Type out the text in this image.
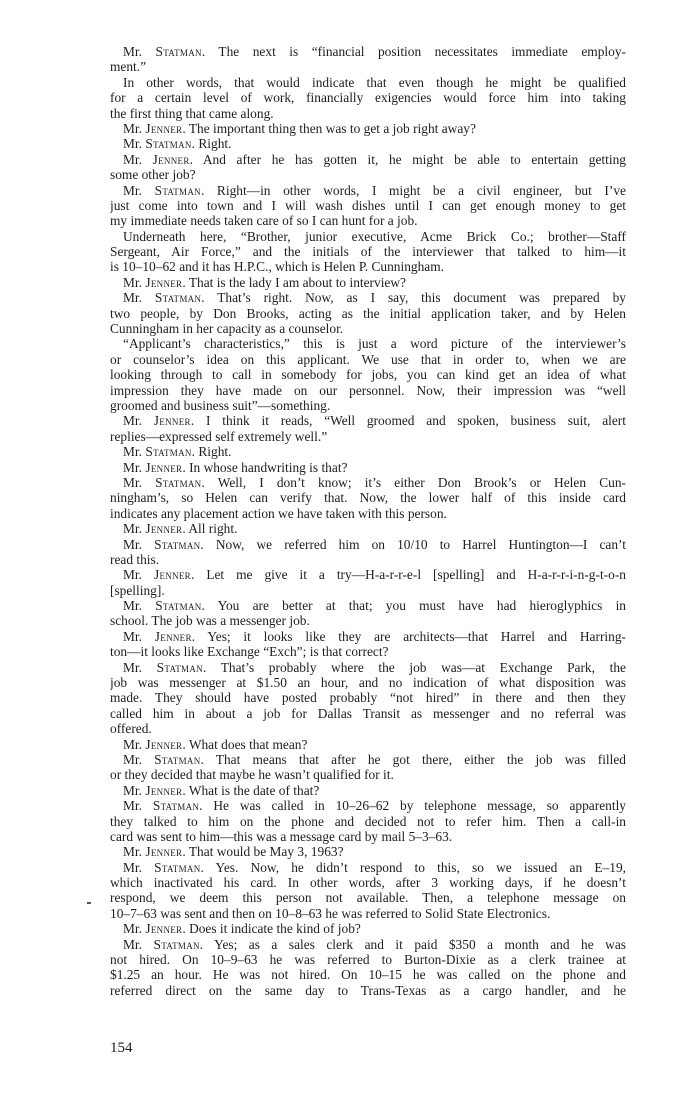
Mr. Statman. The next is “financial position necessitates immediate employ-
ment.”
In other words, that would indicate that even though he might be qualified
for a certain level of work, financially exigencies would force him into taking
the first thing that came along.
Mr. Jenner. The important thing then was to get a job right away?
Mr. Statman. Right.
Mr. Jenner. And after he has gotten it, he might be able to entertain getting
some other job?
Mr. Statman. Right—in other words, I might be a civil engineer, but I’ve
just come into town and I will wash dishes until I can get enough money to get
my immediate needs taken care of so I can hunt for a job.
Underneath here, “Brother, junior executive, Acme Brick Co.; brother—Staff
Sergeant, Air Force,” and the initials of the interviewer that talked to him—it
is 10–10–62 and it has H.P.C., which is Helen P. Cunningham.
Mr. Jenner. That is the lady I am about to interview?
Mr. Statman. That’s right. Now, as I say, this document was prepared by
two people, by Don Brooks, acting as the initial application taker, and by Helen
Cunningham in her capacity as a counselor.
“Applicant’s characteristics,” this is just a word picture of the interviewer’s
or counselor’s idea on this applicant. We use that in order to, when we are
looking through to call in somebody for jobs, you can kind get an idea of what
impression they have made on our personnel. Now, their impression was “well
groomed and business suit”—something.
Mr. Jenner. I think it reads, “Well groomed and spoken, business suit, alert
replies—expressed self extremely well.”
Mr. Statman. Right.
Mr. Jenner. In whose handwriting is that?
Mr. Statman. Well, I don’t know; it’s either Don Brook’s or Helen Cun-
ningham’s, so Helen can verify that. Now, the lower half of this inside card
indicates any placement action we have taken with this person.
Mr. Jenner. All right.
Mr. Statman. Now, we referred him on 10/10 to Harrel Huntington—I can’t
read this.
Mr. Jenner. Let me give it a try—H-a-r-r-e-l [spelling] and H-a-r-r-i-n-g-t-o-n
[spelling].
Mr. Statman. You are better at that; you must have had hieroglyphics in
school. The job was a messenger job.
Mr. Jenner. Yes; it looks like they are architects—that Harrel and Harring-
ton—it looks like Exchange “Exch”; is that correct?
Mr. Statman. That’s probably where the job was—at Exchange Park, the
job was messenger at $1.50 an hour, and no indication of what disposition was
made. They should have posted probably “not hired” in there and then they
called him in about a job for Dallas Transit as messenger and no referral was
offered.
Mr. Jenner. What does that mean?
Mr. Statman. That means that after he got there, either the job was filled
or they decided that maybe he wasn’t qualified for it.
Mr. Jenner. What is the date of that?
Mr. Statman. He was called in 10–26–62 by telephone message, so apparently
they talked to him on the phone and decided not to refer him. Then a call-in
card was sent to him—this was a message card by mail 5–3–63.
Mr. Jenner. That would be May 3, 1963?
Mr. Statman. Yes. Now, he didn’t respond to this, so we issued an E–19,
which inactivated his card. In other words, after 3 working days, if he doesn’t
respond, we deem this person not available. Then, a telephone message on
10–7–63 was sent and then on 10–8–63 he was referred to Solid State Electronics.
Mr. Jenner. Does it indicate the kind of job?
Mr. Statman. Yes; as a sales clerk and it paid $350 a month and he was
not hired. On 10–9–63 he was referred to Burton-Dixie as a clerk trainee at
$1.25 an hour. He was not hired. On 10–15 he was called on the phone and
referred direct on the same day to Trans-Texas as a cargo handler, and he
154
